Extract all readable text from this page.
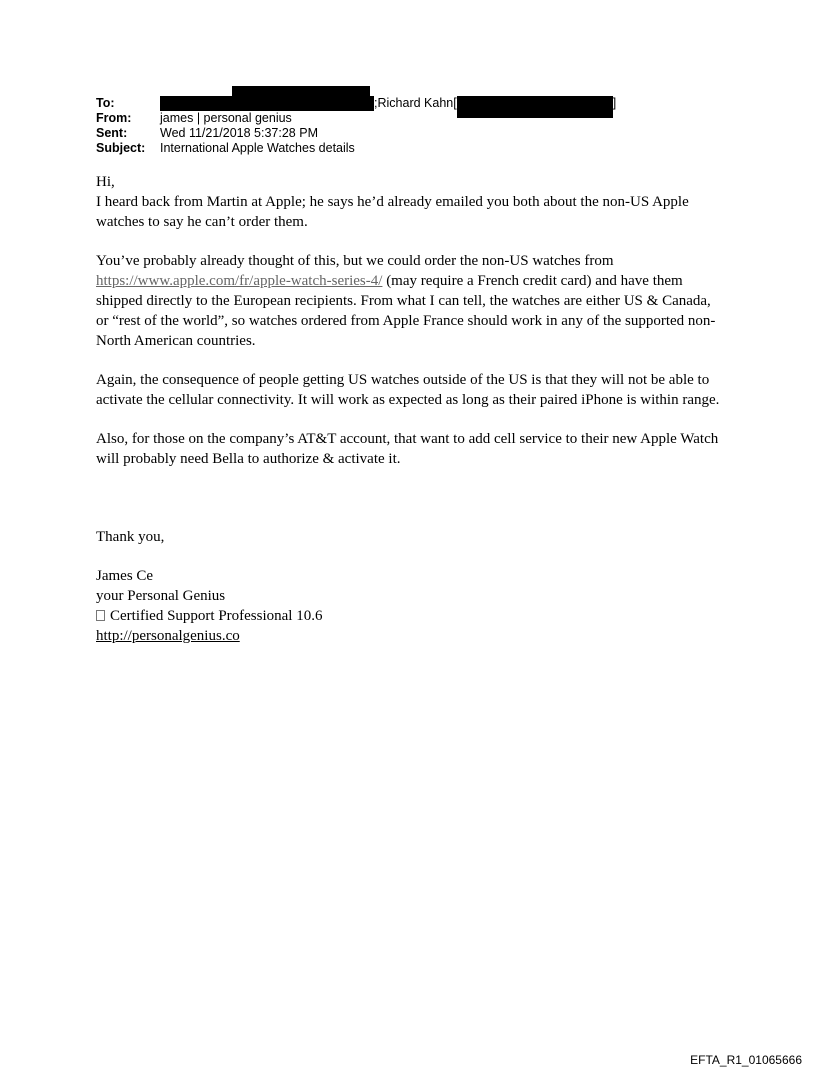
To:	; Richard Kahn[	]
From: james | personal genius
Sent:	Wed 11/21/2018 5:37:28 PM
Subject: International Apple Watches details

Hi,

I heard back from Martin at Apple; he says he’d already emailed you both about the non-US Apple watches to say he can’t order them.

You’ve probably already thought of this, but we could order the non-US watches from https://www.apple.com/fr/apple-watch-series-4/ (may require a French credit card) and have them shipped directly to the European recipients. From what I can tell, the watches are either US & Canada, or “rest of the world”, so watches ordered from Apple France should work in any of the supported non-North American countries.

Again, the consequence of people getting US watches outside of the US is that they will not be able to activate the cellular connectivity. It will work as expected as long as their paired iPhone is within range.

Also, for those on the company’s AT&T account, that want to add cell service to their new Apple Watch will probably need Bella to authorize & activate it.

Thank you,

James Ce

your Personal Genius

Certified Support Professional 10.6

http://personalgenius.co

EFTA_R1_01065666
